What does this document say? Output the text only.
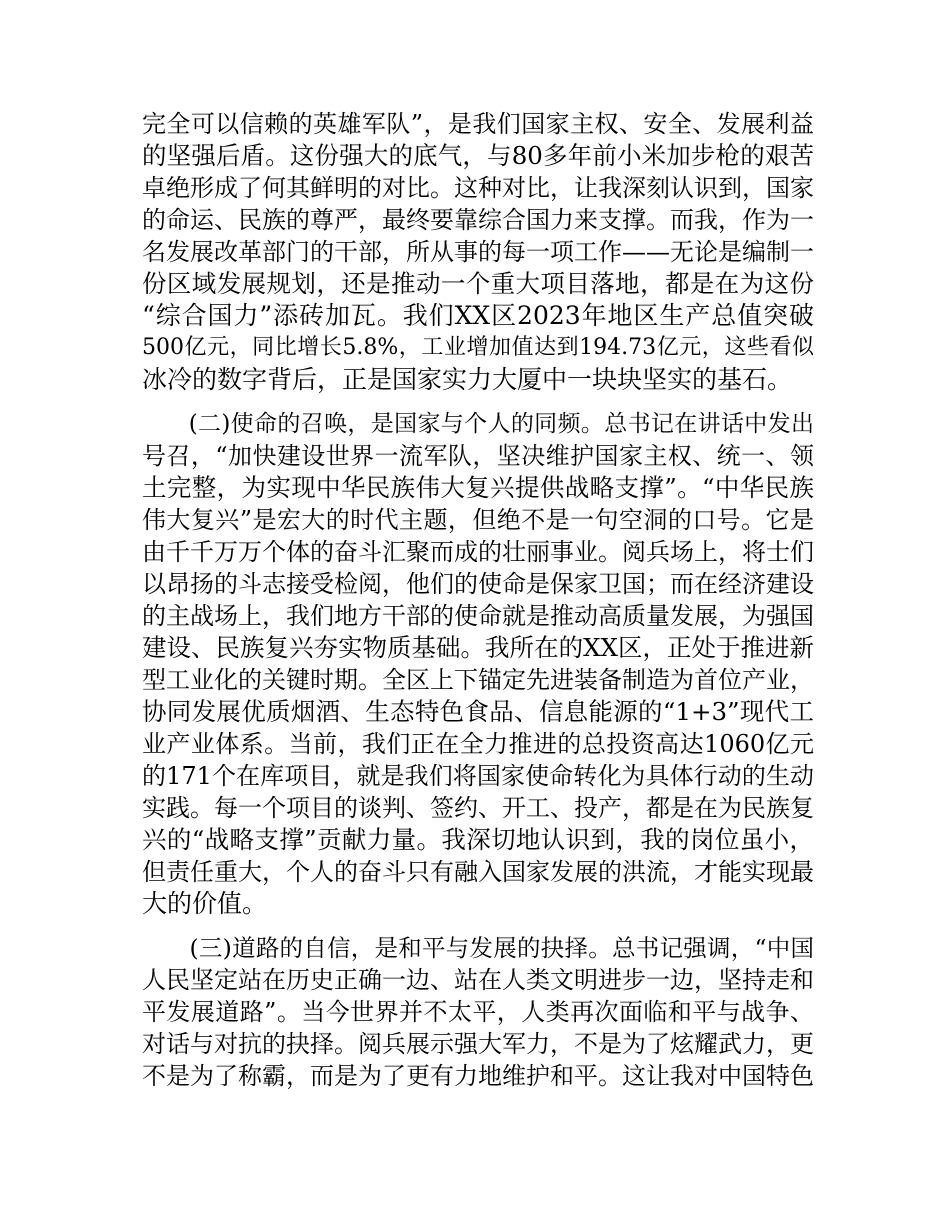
完全可以信赖的英雄军队”，是我们国家主权、安全、发展利益
的坚强后盾。这份强大的底气，与80多年前小米加步枪的艰苦
卓绝形成了何其鲜明的对比。这种对比，让我深刻认识到，国家
的命运、民族的尊严，最终要靠综合国力来支撑。而我，作为一
名发展改革部门的干部，所从事的每一项工作——无论是编制一
份区域发展规划，还是推动一个重大项目落地，都是在为这份
“综合国力”添砖加瓦。我们XX区2023年地区生产总值突破
500亿元，同比增长5.8%，工业增加值达到194.73亿元，这些看似
冰冷的数字背后，正是国家实力大厦中一块块坚实的基石。
　　(二)使命的召唤，是国家与个人的同频。总书记在讲话中发出
号召，“加快建设世界一流军队，坚决维护国家主权、统一、领
土完整，为实现中华民族伟大复兴提供战略支撑”。“中华民族
伟大复兴”是宏大的时代主题，但绝不是一句空洞的口号。它是
由千千万万个体的奋斗汇聚而成的壮丽事业。阅兵场上，将士们
以昂扬的斗志接受检阅，他们的使命是保家卫国；而在经济建设
的主战场上，我们地方干部的使命就是推动高质量发展，为强国
建设、民族复兴夯实物质基础。我所在的XX区，正处于推进新
型工业化的关键时期。全区上下锚定先进装备制造为首位产业，
协同发展优质烟酒、生态特色食品、信息能源的“1+3”现代工
业产业体系。当前，我们正在全力推进的总投资高达1060亿元
的171个在库项目，就是我们将国家使命转化为具体行动的生动
实践。每一个项目的谈判、签约、开工、投产，都是在为民族复
兴的“战略支撑”贡献力量。我深切地认识到，我的岗位虽小，
但责任重大，个人的奋斗只有融入国家发展的洪流，才能实现最
大的价值。
　　(三)道路的自信，是和平与发展的抉择。总书记强调，“中国
人民坚定站在历史正确一边、站在人类文明进步一边，坚持走和
平发展道路”。当今世界并不太平，人类再次面临和平与战争、
对话与对抗的抉择。阅兵展示强大军力，不是为了炫耀武力，更
不是为了称霸，而是为了更有力地维护和平。这让我对中国特色
